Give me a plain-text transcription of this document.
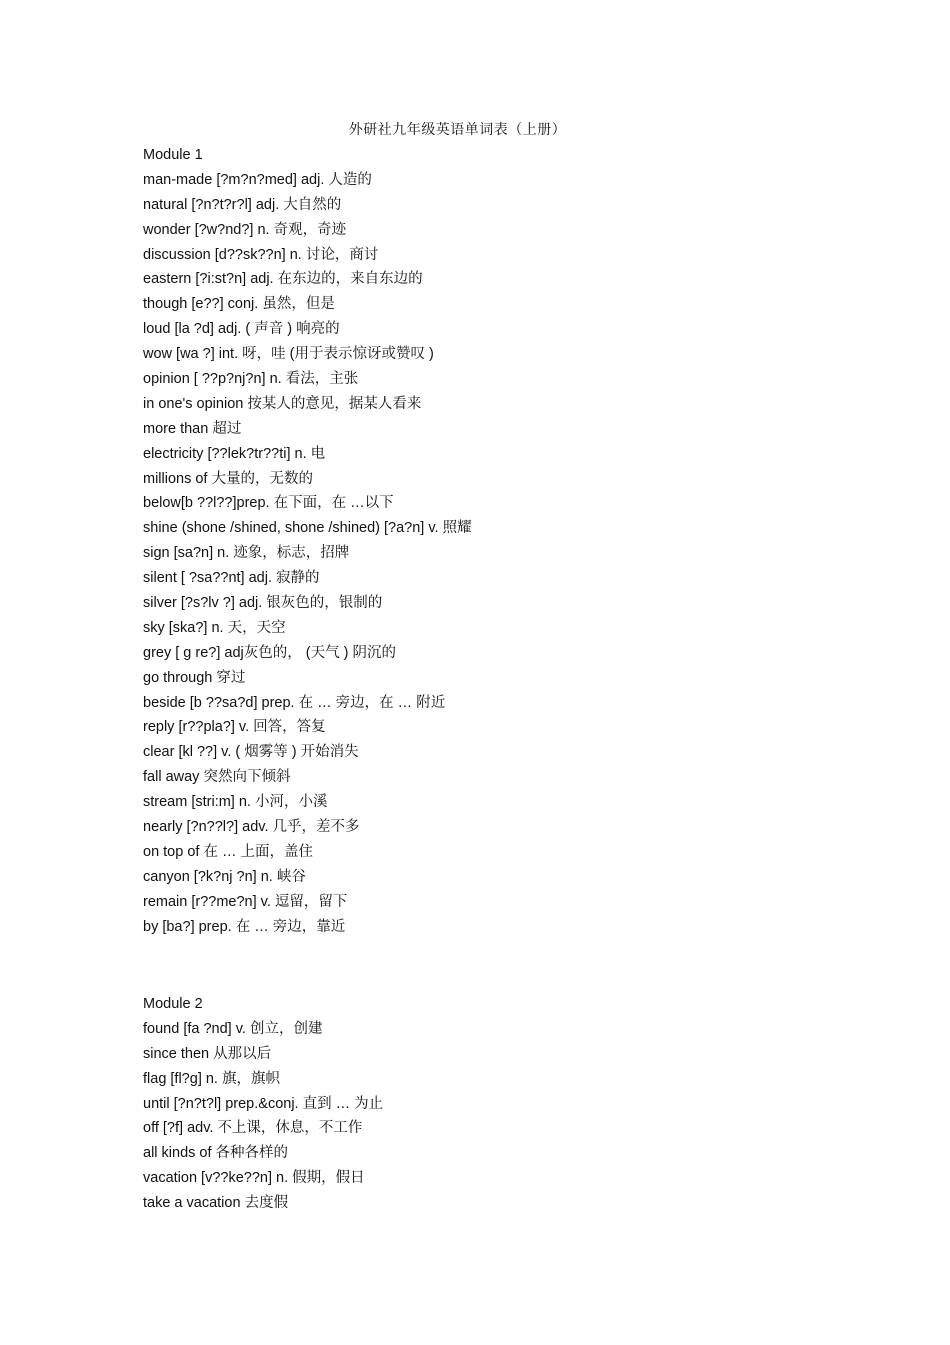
外研社九年级英语单词表（上册）
Module 1
man-made [?m?n?med] adj. 人造的
natural [?n?t?r?l] adj. 大自然的
wonder [?w?nd?] n. 奇观，奇迹
discussion [d??sk??n] n. 讨论，商讨
eastern [?i:st?n] adj. 在东边的，来自东边的
though [e??] conj. 虽然，但是
loud [la ?d] adj. ( 声音 ) 响亮的
wow [wa ?] int. 呀，哇 (用于表示惊讶或赞叹 )
opinion [ ??p?nj?n] n. 看法，主张
in one's opinion 按某人的意见，据某人看来
more than 超过
electricity [??lek?tr??ti] n. 电
millions of 大量的，无数的
below[b ??l??]prep. 在下面，在 …以下
shine (shone /shined, shone /shined) [?a?n] v. 照耀
sign [sa?n] n. 迹象，标志，招牌
silent [ ?sa??nt] adj. 寂静的
silver [?s?lv ?] adj. 银灰色的，银制的
sky [ska?] n. 天，天空
grey [ g re?] adj灰色的， (天气 ) 阴沉的
go through 穿过
beside [b ??sa?d] prep. 在 … 旁边，在 … 附近
reply [r??pla?] v. 回答，答复
clear [kl ??] v. ( 烟雾等 ) 开始消失
fall away 突然向下倾斜
stream [stri:m] n. 小河，小溪
nearly [?n??l?] adv. 几乎，差不多
on top of 在 … 上面，盖住
canyon [?k?nj ?n] n. 峡谷
remain [r??me?n] v. 逗留，留下
by [ba?] prep. 在 … 旁边，靠近
Module 2
found [fa ?nd] v. 创立，创建
since then 从那以后
flag [fl?g] n. 旗，旗帜
until [?n?t?l] prep.&conj. 直到 … 为止
off [?f] adv. 不上课，休息，不工作
all kinds of 各种各样的
vacation [v??ke??n] n. 假期，假日
take a vacation 去度假
